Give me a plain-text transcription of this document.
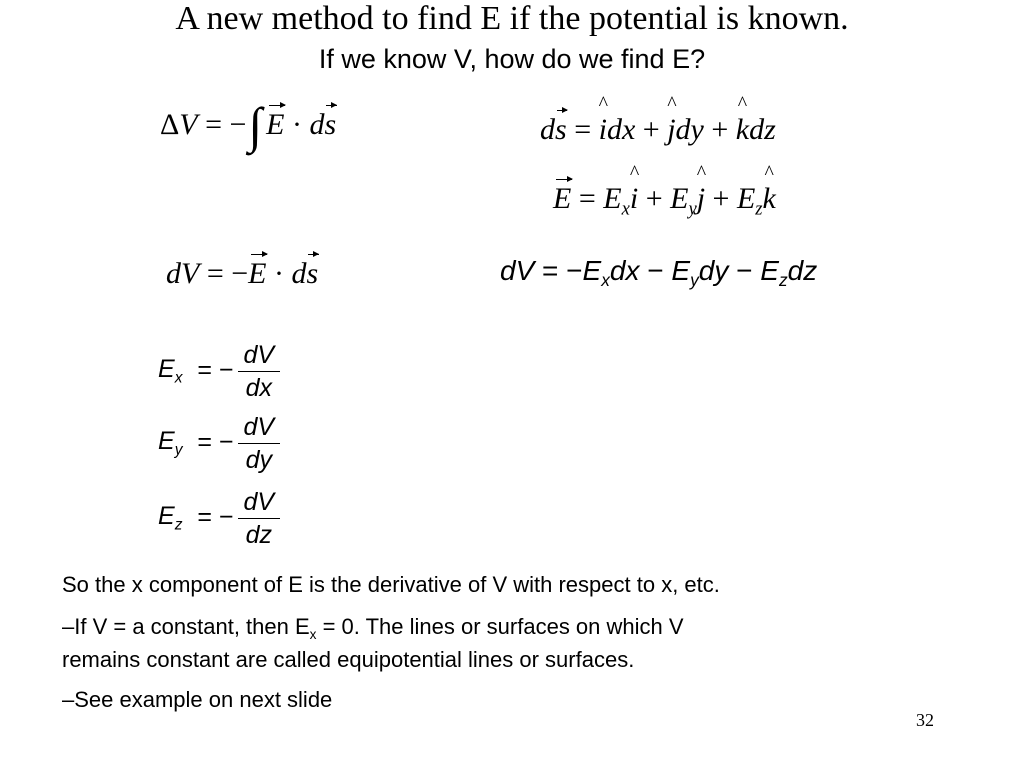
A new method to find E if the potential is known.
If we know V, how do we find E?
ΔV = −∫ E · ds	ds = ^ idx + ^ jdy + ^ kdz
$E = E_x\^{}$ $i + E_y\^{}$ $j + E_z\^{}$ k
dV = −E · ds	dV = $-E_xdx - E_ydy - E_zdz$
$E_x$ = − $\frac{dV}{dx}$
$E_y$ = − $\frac{dV}{dy}$
$E_z$ = − $\frac{dV}{dz}$
So the x component of E is the derivative of V with respect to x, etc.
–If V = a constant, then $E_x = 0$. The lines or surfaces on which V
remains constant are called equipotential lines or surfaces.
–See example on next slide
32
